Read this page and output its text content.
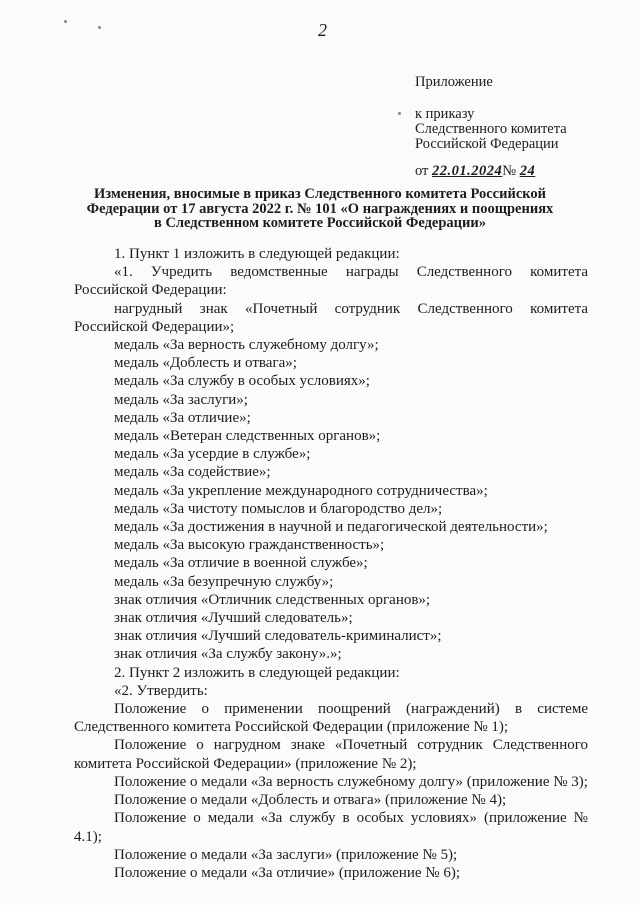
2
Приложение
к приказу
Следственного комитета
Российской Федерации
от 22.01.2024№ 24
Изменения, вносимые в приказ Следственного комитета Российской
Федерации от 17 августа 2022 г. № 101 «О награждениях и поощрениях
в Следственном комитете Российской Федерации»

1. Пункт 1 изложить в следующей редакции:

«1. Учредить ведомственные награды Следственного комитета Российской Федерации:

нагрудный знак «Почетный сотрудник Следственного комитета Российской Федерации»;

медаль «За верность служебному долгу»;

медаль «Доблесть и отвага»;

медаль «За службу в особых условиях»;

медаль «За заслуги»;

медаль «За отличие»;

медаль «Ветеран следственных органов»;

медаль «За усердие в службе»;

медаль «За содействие»;

медаль «За укрепление международного сотрудничества»;

медаль «За чистоту помыслов и благородство дел»;

медаль «За достижения в научной и педагогической деятельности»;

медаль «За высокую гражданственность»;

медаль «За отличие в военной службе»;

медаль «За безупречную службу»;

знак отличия «Отличник следственных органов»;

знак отличия «Лучший следователь»;

знак отличия «Лучший следователь-криминалист»;

знак отличия «За службу закону».»;

2. Пункт 2 изложить в следующей редакции:

«2. Утвердить:

Положение о применении поощрений (награждений) в системе Следственного комитета Российской Федерации (приложение № 1);

Положение о нагрудном знаке «Почетный сотрудник Следственного комитета Российской Федерации» (приложение № 2);

Положение о медали «За верность служебному долгу» (приложение № 3);

Положение о медали «Доблесть и отвага» (приложение № 4);

Положение о медали «За службу в особых условиях» (приложение № 4.1);

Положение о медали «За заслуги» (приложение № 5);

Положение о медали «За отличие» (приложение № 6);
